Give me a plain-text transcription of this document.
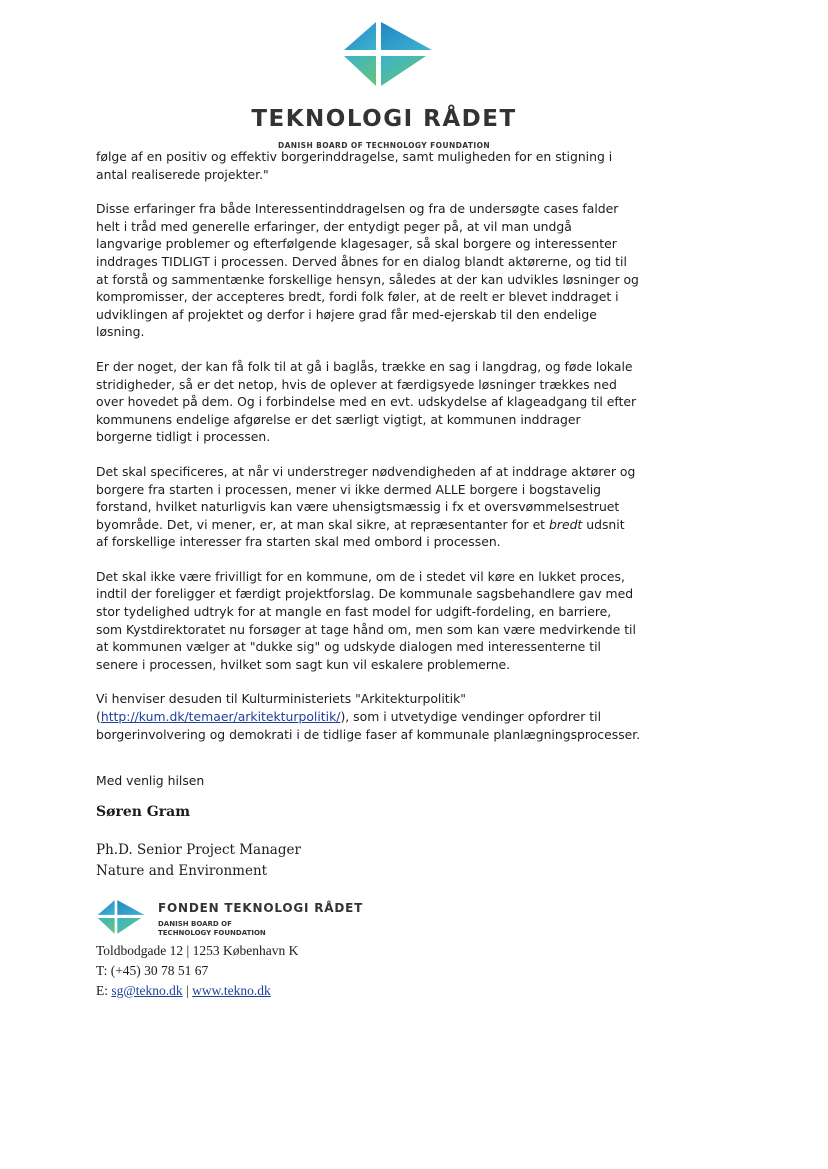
TEKNOLOGI RÅDET
DANISH BOARD OF TECHNOLOGY FOUNDATION

følge af en positiv og effektiv borgerinddragelse, samt muligheden for en stigning i
antal realiserede projekter."

Disse erfaringer fra både Interessentinddragelsen og fra de undersøgte cases falder
helt i tråd med generelle erfaringer, der entydigt peger på, at vil man undgå
langvarige problemer og efterfølgende klagesager, så skal borgere og interessenter
inddrages TIDLIGT i processen. Derved åbnes for en dialog blandt aktørerne, og tid til
at forstå og sammentænke forskellige hensyn, således at der kan udvikles løsninger og
kompromisser, der accepteres bredt, fordi folk føler, at de reelt er blevet inddraget i
udviklingen af projektet og derfor i højere grad får med-ejerskab til den endelige
løsning.

Er der noget, der kan få folk til at gå i baglås, trække en sag i langdrag, og føde lokale
stridigheder, så er det netop, hvis de oplever at færdigsyede løsninger trækkes ned
over hovedet på dem. Og i forbindelse med en evt. udskydelse af klageadgang til efter
kommunens endelige afgørelse er det særligt vigtigt, at kommunen inddrager
borgerne tidligt i processen.

Det skal specificeres, at når vi understreger nødvendigheden af at inddrage aktører og
borgere fra starten i processen, mener vi ikke dermed ALLE borgere i bogstavelig
forstand, hvilket naturligvis kan være uhensigtsmæssig i fx et oversvømmelsestruet
byområde. Det, vi mener, er, at man skal sikre, at repræsentanter for et bredt udsnit
af forskellige interesser fra starten skal med ombord i processen.

Det skal ikke være frivilligt for en kommune, om de i stedet vil køre en lukket proces,
indtil der foreligger et færdigt projektforslag. De kommunale sagsbehandlere gav med
stor tydelighed udtryk for at mangle en fast model for udgift-fordeling, en barriere,
som Kystdirektoratet nu forsøger at tage hånd om, men som kan være medvirkende til
at kommunen vælger at "dukke sig" og udskyde dialogen med interessenterne til
senere i processen, hvilket som sagt kun vil eskalere problemerne.

Vi henviser desuden til Kulturministeriets "Arkitekturpolitik"
(http://kum.dk/temaer/arkitekturpolitik/), som i utvetydige vendinger opfordrer til
borgerinvolvering og demokrati i de tidlige faser af kommunale planlægningsprocesser.

Med venlig hilsen
Søren Gram
Ph.D. Senior Project Manager
Nature and Environment
FONDEN TEKNOLOGI RÅDET
DANISH BOARD OF
TECHNOLOGY FOUNDATION
Toldbodgade 12 | 1253 København K
T: (+45) 30 78 51 67
E: sg@tekno.dk | www.tekno.dk
